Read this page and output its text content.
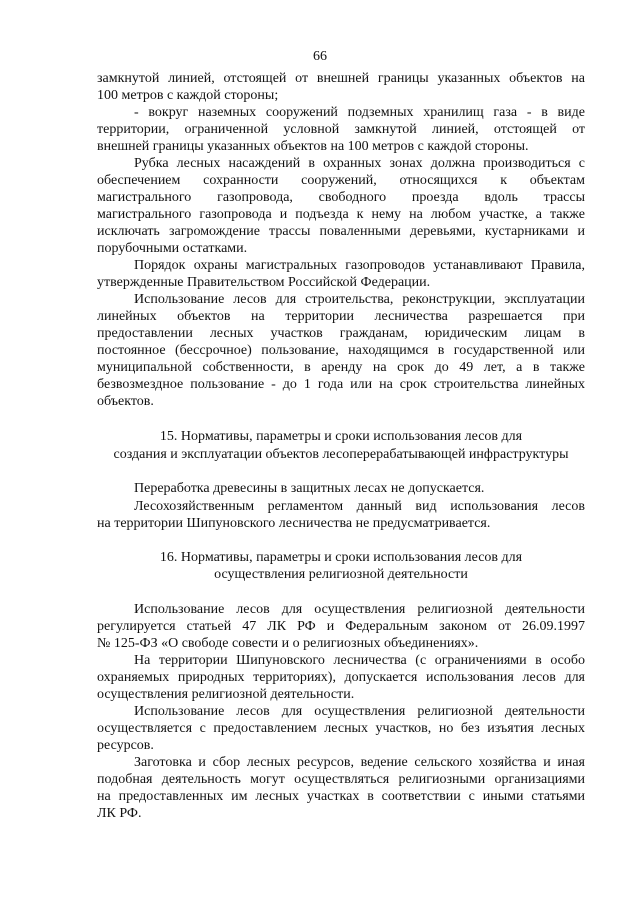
66
замкнутой линией, отстоящей от внешней границы указанных объектов на
100 метров с каждой стороны;
- вокруг наземных сооружений подземных хранилищ газа - в виде
территории, ограниченной условной замкнутой линией, отстоящей от
внешней границы указанных объектов на 100 метров с каждой стороны.
Рубка лесных насаждений в охранных зонах должна производиться с
обеспечением сохранности сооружений, относящихся к объектам
магистрального газопровода, свободного проезда вдоль трассы
магистрального газопровода и подъезда к нему на любом участке, а также
исключать загромождение трассы поваленными деревьями, кустарниками и
порубочными остатками.
Порядок охраны магистральных газопроводов устанавливают Правила,
утвержденные Правительством Российской Федерации.
Использование лесов для строительства, реконструкции, эксплуатации
линейных объектов на территории лесничества разрешается при
предоставлении лесных участков гражданам, юридическим лицам в
постоянное (бессрочное) пользование, находящимся в государственной или
муниципальной собственности, в аренду на срок до 49 лет, а в также
безвозмездное пользование - до 1 года или на срок строительства линейных
объектов.
15. Нормативы, параметры и сроки использования лесов для
создания и эксплуатации объектов лесоперерабатывающей инфраструктуры
Переработка древесины в защитных лесах не допускается.
Лесохозяйственным регламентом данный вид использования лесов
на территории Шипуновского лесничества не предусматривается.
16. Нормативы, параметры и сроки использования лесов для
осуществления религиозной деятельности
Использование лесов для осуществления религиозной деятельности
регулируется статьей 47 ЛК РФ и Федеральным законом от 26.09.1997
№ 125-ФЗ «О свободе совести и о религиозных объединениях».
На территории Шипуновского лесничества (с ограничениями в особо
охраняемых природных территориях), допускается использования лесов для
осуществления религиозной деятельности.
Использование лесов для осуществления религиозной деятельности
осуществляется с предоставлением лесных участков, но без изъятия лесных
ресурсов.
Заготовка и сбор лесных ресурсов, ведение сельского хозяйства и иная
подобная деятельность могут осуществляться религиозными организациями
на предоставленных им лесных участках в соответствии с иными статьями
ЛК РФ.
